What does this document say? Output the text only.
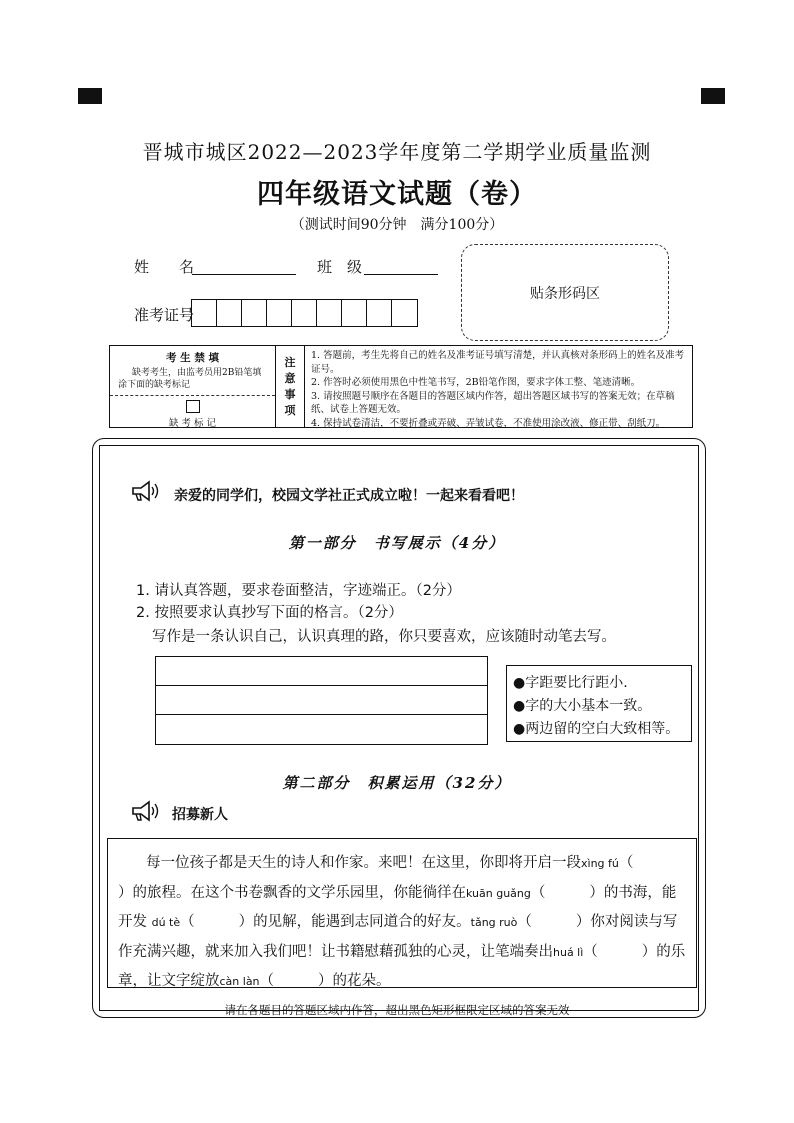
晋城市城区2022—2023学年度第二学期学业质量监测
四年级语文试题（卷）
（测试时间90分钟　满分100分）
姓　　名	班　级
准考证号
贴条形码区
考 生 禁 填
缺考考生，由监考员用2B铅笔填涂下面的缺考标记
缺 考 标 记
注
意
事
项
1. 答题前，考生先将自己的姓名及准考证号填写清楚，并认真核对条形码上的姓名及准考证号。
2. 作答时必须使用黑色中性笔书写，2B铅笔作图，要求字体工整、笔迹清晰。
3. 请按照题号顺序在各题目的答题区域内作答，超出答题区域书写的答案无效；在草稿纸、试卷上答题无效。
4. 保持试卷清洁，不要折叠或弄破、弄皱试卷，不准使用涂改液、修正带、刮纸刀。
亲爱的同学们，校园文学社正式成立啦！一起来看看吧！
第一部分　书写展示（4分）
1. 请认真答题，要求卷面整洁，字迹端正。（2分）
2. 按照要求认真抄写下面的格言。（2分）
写作是一条认识自己，认识真理的路，你只要喜欢，应该随时动笔去写。
●字距要比行距小.
●字的大小基本一致。
●两边留的空白大致相等。
第二部分　积累运用（32分）
招募新人
每一位孩子都是天生的诗人和作家。来吧！在这里，你即将开启一段xìng fú（）的旅程。在这个书卷飘香的文学乐园里，你能徜徉在kuān guǎng（	）的书海，能开发 dú tè（	）的见解，能遇到志同道合的好友。tǎng ruò（	）你对阅读与写作充满兴趣，就来加入我们吧！让书籍慰藉孤独的心灵，让笔端奏出huá lì（	）的乐章，让文字绽放càn làn（	）的花朵。
请在各题目的答题区域内作答，超出黑色矩形框限定区域的答案无效
